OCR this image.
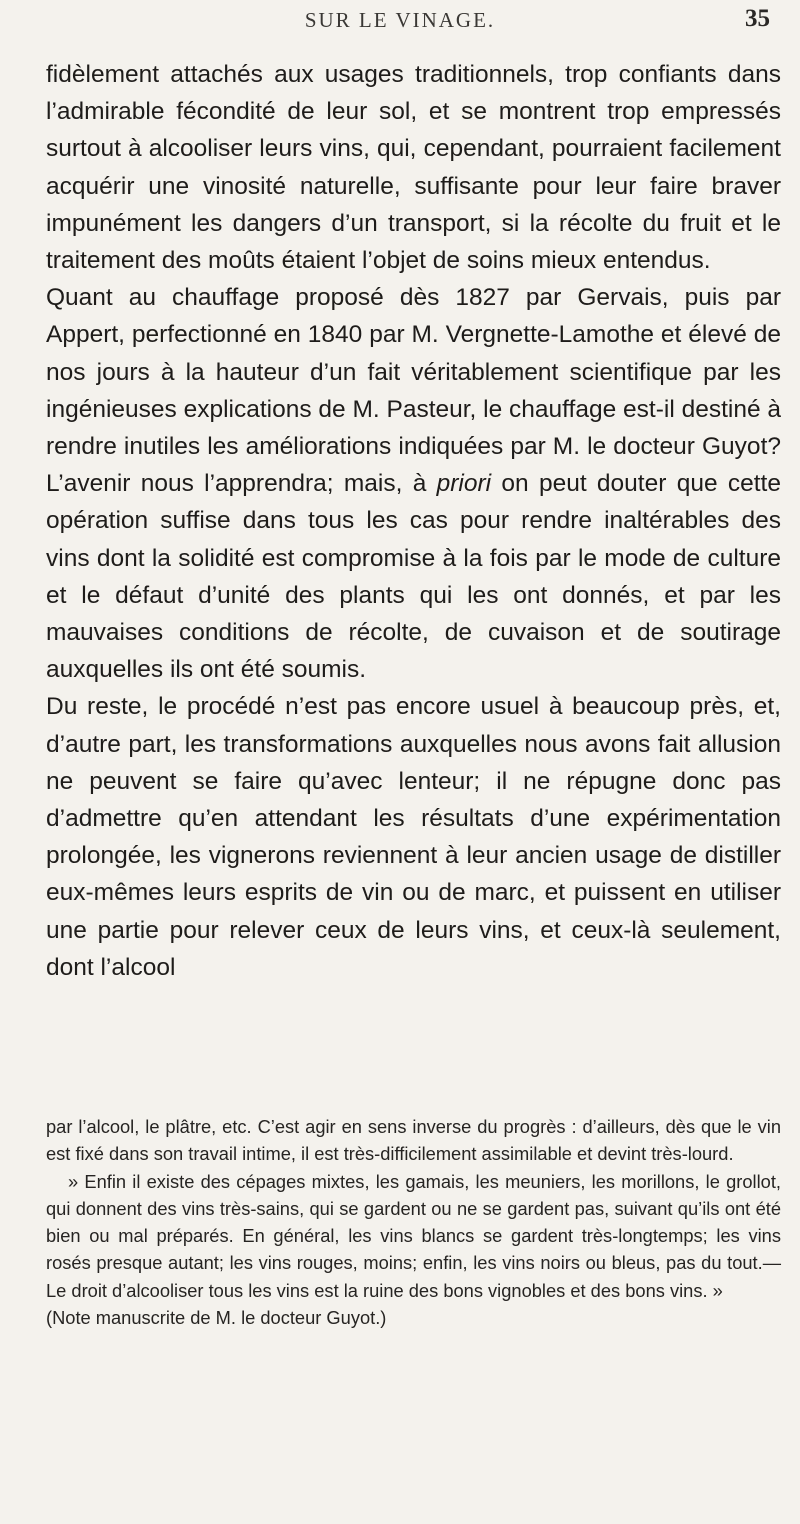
SUR LE VINAGE.	35

fidèlement attachés aux usages traditionnels, trop confiants dans l’admirable fécondité de leur sol, et se montrent trop empressés surtout à alcooliser leurs vins, qui, cependant, pourraient facilement acquérir une vinosité naturelle, suffisante pour leur faire braver impunément les dangers d’un transport, si la récolte du fruit et le traitement des moûts étaient l’objet de soins mieux entendus.

Quant au chauffage proposé dès 1827 par Gervais, puis par Appert, perfectionné en 1840 par M. Vergnette-Lamothe et élevé de nos jours à la hauteur d’un fait véritablement scientifique par les ingénieuses explications de M. Pasteur, le chauffage est-il destiné à rendre inutiles les améliorations indiquées par M. le docteur Guyot? L’avenir nous l’apprendra; mais, à priori on peut douter que cette opération suffise dans tous les cas pour rendre inaltérables des vins dont la solidité est compromise à la fois par le mode de culture et le défaut d’unité des plants qui les ont donnés, et par les mauvaises conditions de récolte, de cuvaison et de soutirage auxquelles ils ont été soumis.

Du reste, le procédé n’est pas encore usuel à beaucoup près, et, d’autre part, les transformations auxquelles nous avons fait allusion ne peuvent se faire qu’avec lenteur; il ne répugne donc pas d’admettre qu’en attendant les résultats d’une expérimentation prolongée, les vignerons reviennent à leur ancien usage de distiller eux-mêmes leurs esprits de vin ou de marc, et puissent en utiliser une partie pour relever ceux de leurs vins, et ceux-là seulement, dont l’alcool

par l’alcool, le plâtre, etc. C’est agir en sens inverse du progrès : d’ailleurs, dès que le vin est fixé dans son travail intime, il est très-difficilement assimilable et devint très-lourd.

» Enfin il existe des cépages mixtes, les gamais, les meuniers, les morillons, le grollot, qui donnent des vins très-sains, qui se gardent ou ne se gardent pas, suivant qu’ils ont été bien ou mal préparés. En général, les vins blancs se gardent très-longtemps; les vins rosés presque autant; les vins rouges, moins; enfin, les vins noirs ou bleus, pas du tout.— Le droit d’alcooliser tous les vins est la ruine des bons vignobles et des bons vins. »

(Note manuscrite de M. le docteur Guyot.)
